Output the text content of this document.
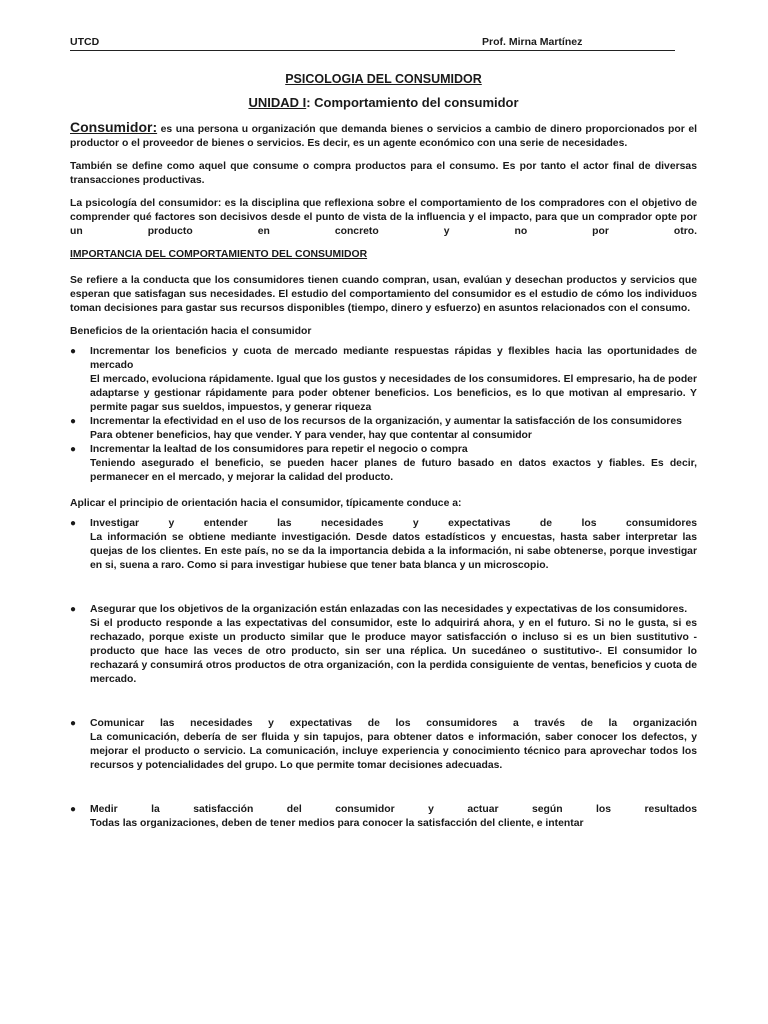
UTCD	Prof. Mirna Martínez

PSICOLOGIA DEL CONSUMIDOR

UNIDAD I: Comportamiento del consumidor

Consumidor: es una persona u organización que demanda bienes o servicios a cambio de dinero proporcionados por el productor o el proveedor de bienes o servicios. Es decir, es un agente económico con una serie de necesidades.

También se define como aquel que consume o compra productos para el consumo. Es por tanto el actor final de diversas transacciones productivas.

La psicología del consumidor: es la disciplina que reflexiona sobre el comportamiento de los compradores con el objetivo de comprender qué factores son decisivos desde el punto de vista de la influencia y el impacto, para que un comprador opte por un producto en concreto y no por otro.

IMPORTANCIA DEL COMPORTAMIENTO DEL CONSUMIDOR

Se refiere a la conducta que los consumidores tienen cuando compran, usan, evalúan y desechan productos y servicios que esperan que satisfagan sus necesidades. El estudio del comportamiento del consumidor es el estudio de cómo los individuos toman decisiones para gastar sus recursos disponibles (tiempo, dinero y esfuerzo) en asuntos relacionados con el consumo.

Beneficios de la orientación hacia el consumidor

● Incrementar los beneficios y cuota de mercado mediante respuestas rápidas y flexibles hacia las oportunidades de mercado
El mercado, evoluciona rápidamente. Igual que los gustos y necesidades de los consumidores. El empresario, ha de poder adaptarse y gestionar rápidamente para poder obtener beneficios. Los beneficios, es lo que motivan al empresario. Y permite pagar sus sueldos, impuestos, y generar riqueza
● Incrementar la efectividad en el uso de los recursos de la organización, y aumentar la satisfacción de los consumidores
Para obtener beneficios, hay que vender. Y para vender, hay que contentar al consumidor
● Incrementar la lealtad de los consumidores para repetir el negocio o compra
Teniendo asegurado el beneficio, se pueden hacer planes de futuro basado en datos exactos y fiables. Es decir, permanecer en el mercado, y mejorar la calidad del producto.

Aplicar el principio de orientación hacia el consumidor, típicamente conduce a:

● Investigar y entender las necesidades y expectativas de los consumidores
La información se obtiene mediante investigación. Desde datos estadísticos y encuestas, hasta saber interpretar las quejas de los clientes. En este país, no se da la importancia debida a la información, ni sabe obtenerse, porque investigar en si, suena a raro. Como si para investigar hubiese que tener bata blanca y un microscopio.
● Asegurar que los objetivos de la organización están enlazadas con las necesidades y expectativas de los consumidores.
Si el producto responde a las expectativas del consumidor, este lo adquirirá ahora, y en el futuro. Si no le gusta, si es rechazado, porque existe un producto similar que le produce mayor satisfacción o incluso si es un bien sustitutivo -producto que hace las veces de otro producto, sin ser una réplica. Un sucedáneo o sustitutivo-. El consumidor lo rechazará y consumirá otros productos de otra organización, con la perdida consiguiente de ventas, beneficios y cuota de mercado.
● Comunicar las necesidades y expectativas de los consumidores a través de la organización
La comunicación, debería de ser fluida y sin tapujos, para obtener datos e información, saber conocer los defectos, y mejorar el producto o servicio. La comunicación, incluye experiencia y conocimiento técnico para aprovechar todos los recursos y potencialidades del grupo. Lo que permite tomar decisiones adecuadas.
● Medir la satisfacción del consumidor y actuar según los resultados
Todas las organizaciones, deben de tener medios para conocer la satisfacción del cliente, e intentar
